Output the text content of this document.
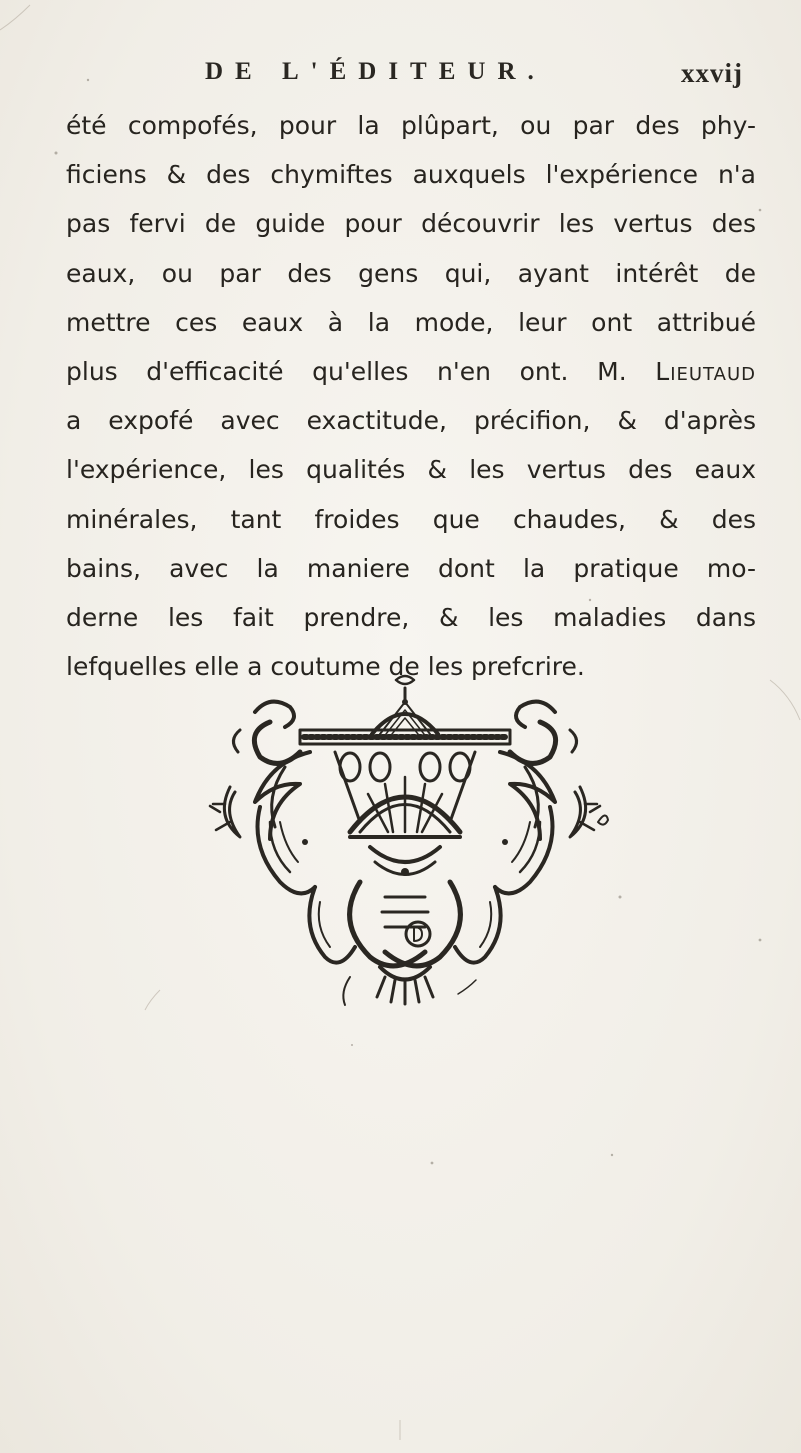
DE L'ÉDITEUR.	xxvij
été compofés, pour la plûpart, ou par des phy-
ficiens & des chymiftes auxquels l'expérience n'a
pas fervi de guide pour découvrir les vertus des
eaux, ou par des gens qui, ayant intérêt de
mettre ces eaux à la mode, leur ont attribué
plus d'efficacité qu'elles n'en ont. M. Lieutaud
a expofé avec exactitude, précifion, & d'après
l'expérience, les qualités & les vertus des eaux
minérales, tant froides que chaudes, & des
bains, avec la maniere dont la pratique mo-
derne les fait prendre, & les maladies dans
lefquelles elle a coutume de les prefcrire.
